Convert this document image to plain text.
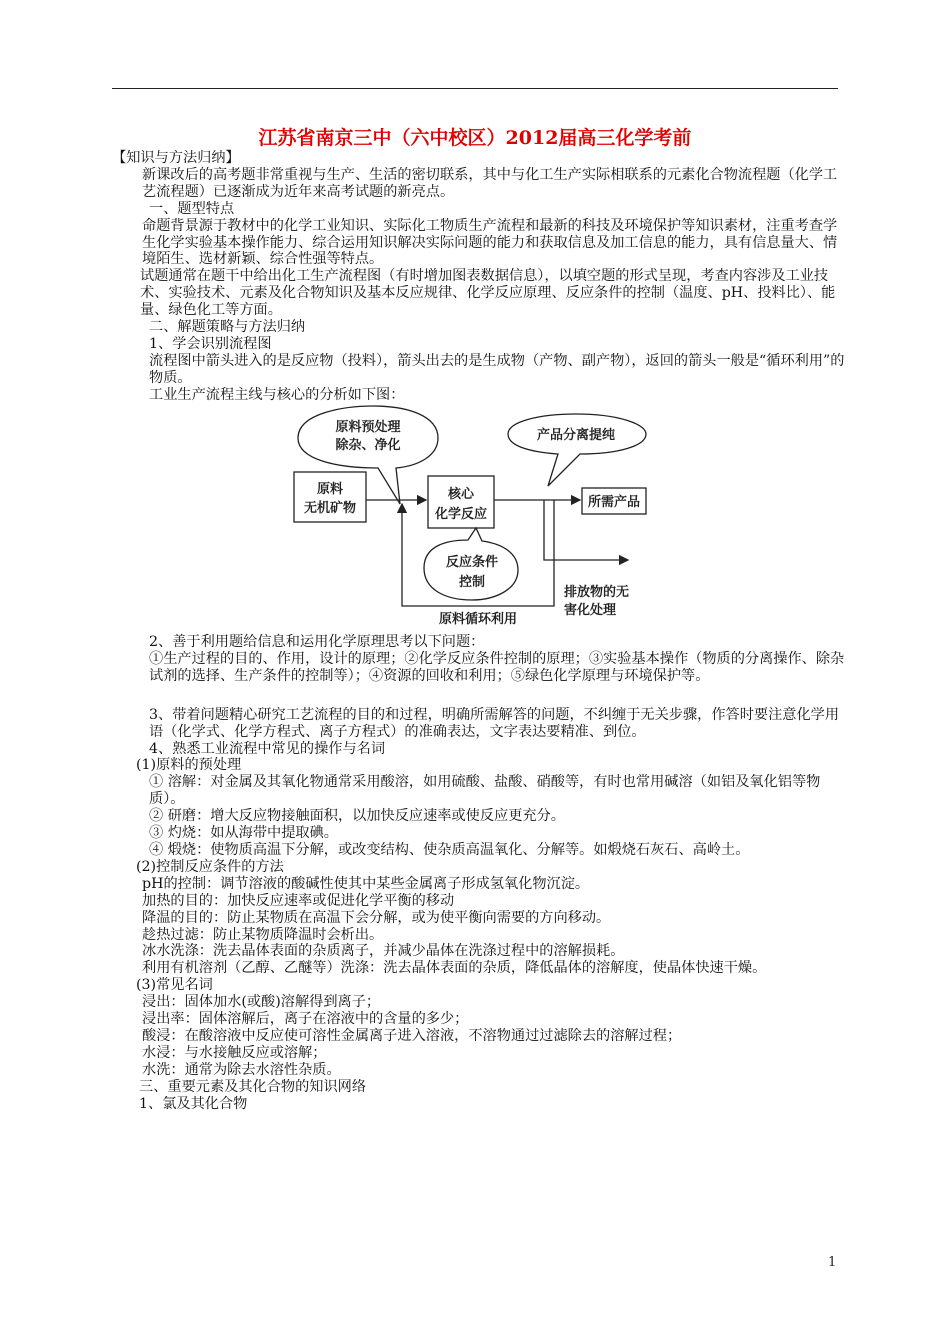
江苏省南京三中（六中校区）2012届高三化学考前

【知识与方法归纳】

新课改后的高考题非常重视与生产、生活的密切联系，其中与化工生产实际相联系的元素化合物流程题（化学工艺流程题）已逐渐成为近年来高考试题的新亮点。

一、题型特点

命题背景源于教材中的化学工业知识、实际化工物质生产流程和最新的科技及环境保护等知识素材，注重考查学生化学实验基本操作能力、综合运用知识解决实际问题的能力和获取信息及加工信息的能力，具有信息量大、情境陌生、选材新颖、综合性强等特点。

试题通常在题干中给出化工生产流程图（有时增加图表数据信息），以填空题的形式呈现，考查内容涉及工业技术、实验技术、元素及化合物知识及基本反应规律、化学反应原理、反应条件的控制（温度、pH、投料比）、能量、绿色化工等方面。

二、解题策略与方法归纳

1、学会识别流程图

流程图中箭头进入的是反应物（投料），箭头出去的是生成物（产物、副产物），返回的箭头一般是“循环利用”的物质。

工业生产流程主线与核心的分析如下图：

原料预处理
除杂、净化
产品分离提纯
原料
无机矿物
核心
化学反应
所需产品
反应条件
控制
排放物的无
害化处理
原料循环利用

2、善于利用题给信息和运用化学原理思考以下问题：

①生产过程的目的、作用，设计的原理；②化学反应条件控制的原理；③实验基本操作（物质的分离操作、除杂试剂的选择、生产条件的控制等）；④资源的回收和利用；⑤绿色化学原理与环境保护等。

3、带着问题精心研究工艺流程的目的和过程，明确所需解答的问题，不纠缠于无关步骤，作答时要注意化学用语（化学式、化学方程式、离子方程式）的准确表达，文字表达要精准、到位。

4、熟悉工业流程中常见的操作与名词

(1)原料的预处理

① 溶解：对金属及其氧化物通常采用酸溶，如用硫酸、盐酸、硝酸等，有时也常用碱溶（如铝及氧化铝等物质）。

② 研磨：增大反应物接触面积，以加快反应速率或使反应更充分。

③ 灼烧：如从海带中提取碘。

④ 煅烧：使物质高温下分解，或改变结构、使杂质高温氧化、分解等。如煅烧石灰石、高岭土。

(2)控制反应条件的方法

pH的控制：调节溶液的酸碱性使其中某些金属离子形成氢氧化物沉淀。

加热的目的：加快反应速率或促进化学平衡的移动

降温的目的：防止某物质在高温下会分解，或为使平衡向需要的方向移动。

趁热过滤：防止某物质降温时会析出。

冰水洗涤：洗去晶体表面的杂质离子，并减少晶体在洗涤过程中的溶解损耗。

利用有机溶剂（乙醇、乙醚等）洗涤：洗去晶体表面的杂质，降低晶体的溶解度，使晶体快速干燥。

(3)常见名词

浸出：固体加水(或酸)溶解得到离子；

浸出率：固体溶解后，离子在溶液中的含量的多少；

酸浸：在酸溶液中反应使可溶性金属离子进入溶液，不溶物通过过滤除去的溶解过程；

水浸：与水接触反应或溶解；

水洗：通常为除去水溶性杂质。

三、重要元素及其化合物的知识网络

1、氯及其化合物

1
